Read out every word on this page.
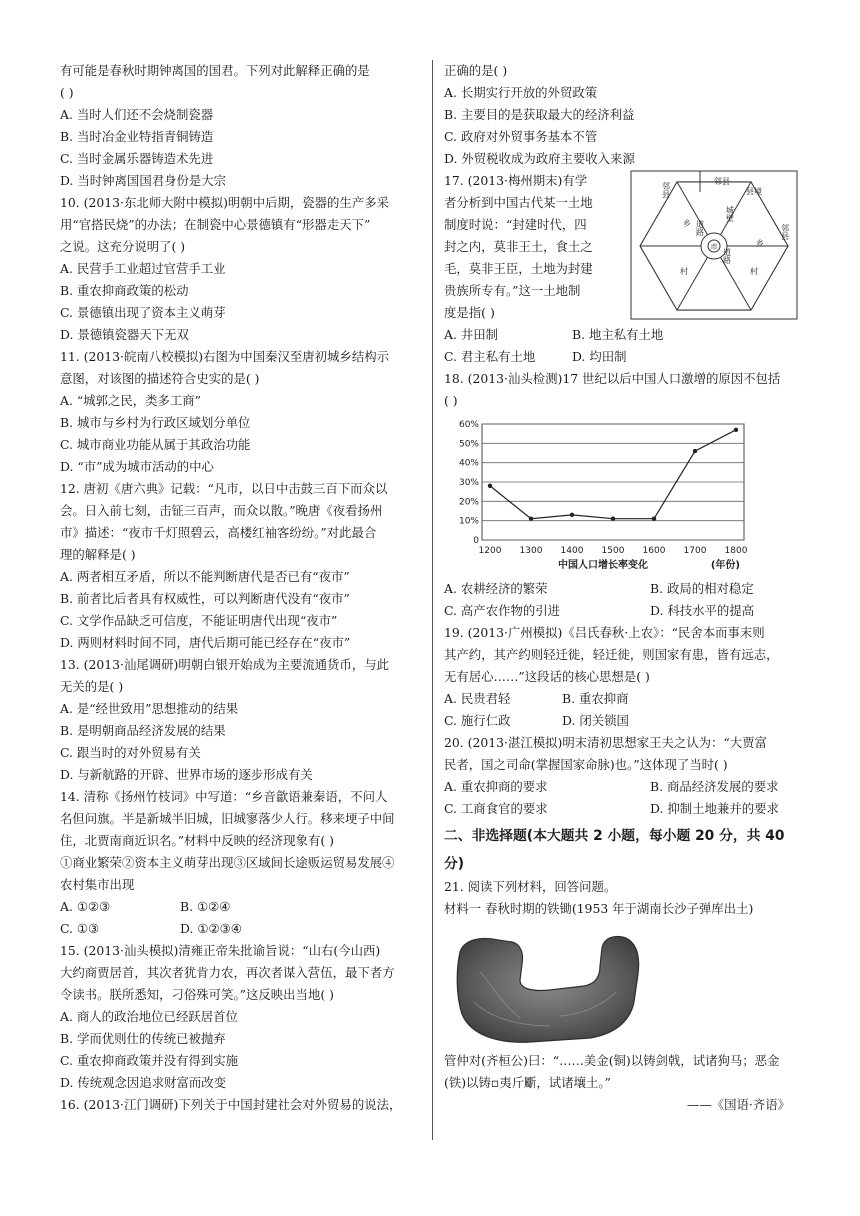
有可能是春秋时期钟离国的国君。下列对此解释正确的是
( )
A. 当时人们还不会烧制瓷器
B. 当时冶金业特指青铜铸造
C. 当时金属乐器铸造术先进
D. 当时钟离国国君身份是大宗
10. (2013·东北师大附中模拟)明朝中后期，瓷器的生产多采
用“官搭民烧”的办法；在制瓷中心景德镇有“形器走天下”
之说。这充分说明了( )
A. 民营手工业超过官营手工业
B. 重农抑商政策的松动
C. 景德镇出现了资本主义萌芽
D. 景德镇瓷器天下无双
11. (2013·皖南八校模拟)右图为中国秦汉至唐初城乡结构示
意图，对该图的描述符合史实的是( )
A. “城郭之民，类多工商”
B. 城市与乡村为行政区域划分单位
C. 城市商业功能从属于其政治功能
D. “市”成为城市活动的中心
12. 唐初《唐六典》记载：“凡市，以日中击鼓三百下而众以
会。日入前七刻，击钲三百声，而众以散。”晚唐《夜看扬州
市》描述：“夜市千灯照碧云，高楼红袖客纷纷。”对此最合
理的解释是( )
A. 两者相互矛盾，所以不能判断唐代是否已有“夜市”
B. 前者比后者具有权威性，可以判断唐代没有“夜市”
C. 文学作品缺乏可信度，不能证明唐代出现“夜市”
D. 两则材料时间不同，唐代后期可能已经存在“夜市”
13. (2013·汕尾调研)明朝白银开始成为主要流通货币，与此
无关的是( )
A. 是“经世致用”思想推动的结果
B. 是明朝商品经济发展的结果
C. 跟当时的对外贸易有关
D. 与新航路的开辟、世界市场的逐步形成有关
14. 清称《扬州竹枝词》中写道：“乡音歙语兼秦语，不问人
名但问旗。半是新城半旧城，旧城寥落少人行。移来埂子中间
住，北贾南商近识名。”材料中反映的经济现象有( )
①商业繁荣②资本主义萌芽出现③区域间长途贩运贸易发展④
农村集市出现
A. ①②③	B. ①②④
C. ①③	D. ①②③④
15. (2013·汕头模拟)清雍正帝朱批谕旨说：“山右(今山西)
大约商贾居首，其次者犹肯力农，再次者谋入营伍，最下者方
令读书。朕所悉知，刁俗殊可笑。”这反映出当地( )
A. 商人的政治地位已经跃居首位
B. 学而优则仕的传统已被抛弃
C. 重农抑商政策并没有得到实施
D. 传统观念因追求财富而改变
16. (2013·江门调研)下列关于中国封建社会对外贸易的说法，
正确的是( )
A. 长期实行开放的外贸政策
B. 主要目的是获取最大的经济利益
C. 政府对外贸事务基本不管
D. 外贸税收成为政府主要收入来源
17. (2013·梅州期末)有学
者分析到中国古代某一土地
制度时说：“封建时代，四
封之内，莫非王土，食土之
毛，莫非王臣，土地为封建
贵族所专有。”这一土地制
度是指( )
邻县
县境
邻县
邻县
道路
城壁
道路
乡
乡
村	村
市
A. 井田制	B. 地主私有土地
C. 君主私有土地	D. 均田制
18. (2013·汕头检测)17 世纪以后中国人口激增的原因不包括
( )
0
10%
20%
30%
40%
50%
60%
1200 1300 1400 1500 1600 1700 1800
中国人口增长率变化	(年份)
A. 农耕经济的繁荣	B. 政局的相对稳定
C. 高产农作物的引进	D. 科技水平的提高
19. (2013·广州模拟)《吕氏春秋·上农》：“民舍本而事末则
其产约，其产约则轻迁徙，轻迁徙，则国家有患，皆有远志，
无有居心……”这段话的核心思想是( )
A. 民贵君轻	B. 重农抑商
C. 施行仁政	D. 闭关锁国
20. (2013·湛江模拟)明末清初思想家王夫之认为：“大贾富
民者，国之司命(掌握国家命脉)也。”这体现了当时( )
A. 重农抑商的要求	B. 商品经济发展的要求
C. 工商食官的要求	D. 抑制土地兼并的要求
二、非选择题(本大题共 2 小题，每小题 20 分，共 40
分)
21. 阅读下列材料，回答问题。
材料一 春秋时期的铁锄(1953 年于湖南长沙子弹库出土)
管仲对(齐桓公)曰：“……美金(铜)以铸剑戟，试诸狗马；恶金
(铁)以铸▫夷斤斸，试诸壤土。”
——《国语·齐语》
